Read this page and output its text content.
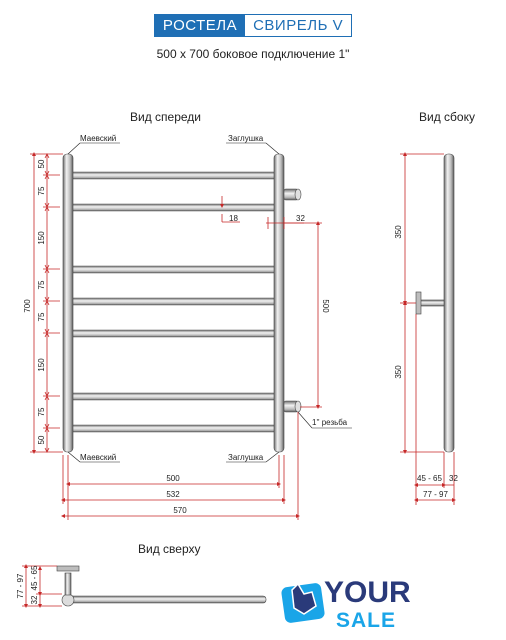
РОСТЕЛА	СВИРЕЛЬ V
500 х 700 боковое подключение 1"
Вид спереди	Вид сбоку
Вид сверху
Маевский	Заглушка
Маевский	Заглушка
1'' резьба
700
50
75
150
75
75
150
75
50
500
18	32
500
532
570
350
350
45 - 65 32
77 - 97
77 - 97
32
45 - 65	YOUR
SALE
